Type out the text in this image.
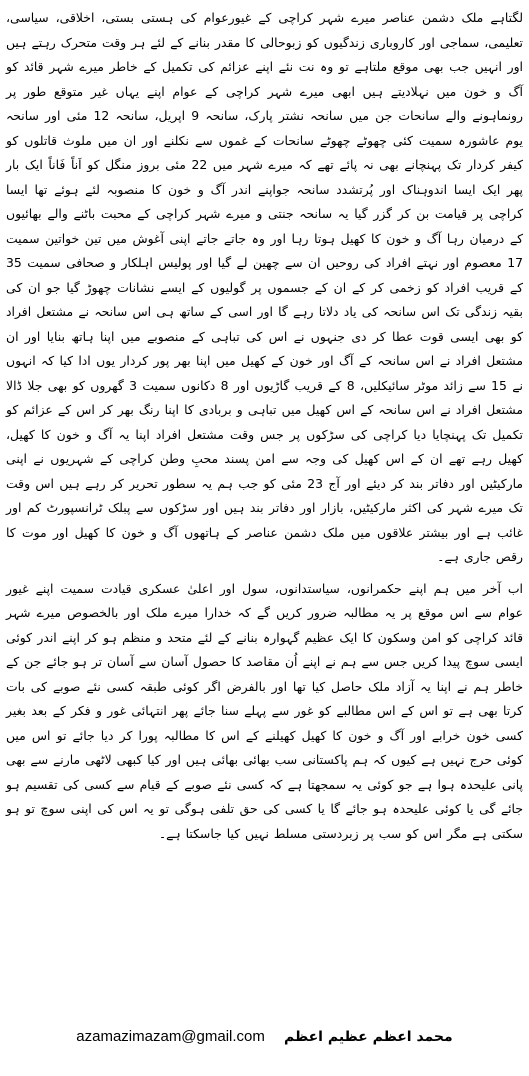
لگتاہے ملک دشمن عناصر میرے شہر کراچی کے غیورعوام کی ہستی بستی، اخلاقی، سیاسی، تعلیمی، سماجی اور کاروباری زندگیوں کو زبوحالی کا مقدر بنانے کے لئے ہر وقت متحرک رہتے ہیں اور انہیں جب بھی موقع ملتاہے تو وہ نت نئے اپنے عزائم کی تکمیل کے خاطر میرے شہر قائد کو آگ و خون میں نہلادیتے ہیں ابھی میرے شہر کراچی کے عوام اپنے یہاں غیر متوقع طور پر رونماہونے والے سانحات جن میں سانحہ نشتر پارک، سانحہ 9 اپریل، سانحہ 12 مئی اور سانحہ یوم عاشورہ سمیت کئی چھوٹے چھوٹے سانحات کے غموں سے نکلنے اور ان میں ملوث قاتلوں کو کیفر کردار تک پہنچانے بھی نہ پائے تھے کہ میرے شہر میں 22 مئی بروز منگل کو اَناً فَاناً ایک بار پھر ایک ایسا اندوہناک اور پُرتشدد سانحہ جواپنے اندر آگ و خون کا منصوبہ لئے ہوئے تھا ایسا کراچی پر قیامت بن کر گزر گیا یہ سانحہ جنتی و میرے شہر کراچی کے محبت باٹنے والے بھائیوں کے درمیان رہا آگ و خون کا کھیل ہوتا رہا اور وہ جاتے جاتے اپنی آغوش میں تین خواتین سمیت 17 معصوم اور نہتے افراد کی روحیں ان سے چھین لے گیا اور پولیس اہلکار و صحافی سمیت 35 کے قریب افراد کو زخمی کر کے ان کے جسموں پر گولیوں کے ایسے نشانات چھوڑ گیا جو ان کی بقیہ زندگی تک اس سانحہ کی یاد دلاتا رہے گا اور اسی کے ساتھ ہی اس سانحہ نے مشتعل افراد کو بھی ایسی قوت عطا کر دی جنہوں نے اس کی تباہی کے منصوبے میں اپنا ہاتھ بنایا اور ان مشتعل افراد نے اس سانحہ کے آگ اور خون کے کھیل میں اپنا بھر پور کردار یوں ادا کیا کہ انہوں نے 15 سے زائد موٹر سائیکلیں، 8 کے قریب گاڑیوں اور 8 دکانوں سمیت 3 گھروں کو بھی جلا ڈالا مشتعل افراد نے اس سانحہ کے اس کھیل میں تباہی و بربادی کا اپنا رنگ بھر کر اس کے عزائم کو تکمیل تک پہنچایا دیا کراچی کی سڑکوں پر جس وقت مشتعل افراد اپنا یہ آگ و خون کا کھیل، کھیل رہے تھے ان کے اس کھیل کی وجہ سے امن پسند محبِ وطن کراچی کے شہریوں نے اپنی مارکیٹیں اور دفاتر بند کر دیئے اور آج 23 مئی کو جب ہم یہ سطور تحریر کر رہے ہیں اس وقت تک میرے شہر کی اکثر مارکیٹیں، بازار اور دفاتر بند ہیں اور سڑکوں سے پبلک ٹرانسپورٹ کم اور غائب ہے اور بیشتر علاقوں میں ملک دشمن عناصر کے ہاتھوں آگ و خون کا کھیل اور موت کا رقص جاری ہے۔

اب آخر میں ہم اپنے حکمرانوں، سیاستدانوں، سول اور اعلیٰ عسکری قیادت سمیت اپنے غیور عوام سے اس موقع پر یہ مطالبہ ضرور کریں گے کہ خدارا میرے ملک اور بالخصوص میرے شہر قائد کراچی کو امن وسکون کا ایک عظیم گہوارہ بنانے کے لئے متحد و منظم ہو کر اپنے اندر کوئی ایسی سوچ پیدا کریں جس سے ہم نے اپنے اُن مقاصد کا حصول آسان سے آسان تر ہو جائے جن کے خاطر ہم نے اپنا یہ آزاد ملک حاصل کیا تھا اور بالفرض اگر کوئی طبقہ کسی نئے صوبے کی بات کرتا بھی ہے تو اس کے اس مطالبے کو غور سے پہلے سنا جائے پھر انتہائی غور و فکر کے بعد بغیر کسی خون خرابے اور آگ و خون کا کھیل کھیلنے کے اس کا مطالبہ پورا کر دیا جائے تو اس میں کوئی حرج نہیں ہے کیوں کہ ہم پاکستانی سب بھائی بھائی ہیں اور کیا کبھی لاٹھی مارنے سے بھی پانی علیحدہ ہوا ہے جو کوئی یہ سمجھتا ہے کہ کسی نئے صوبے کے قیام سے کسی کی تقسیم ہو جائے گی یا کوئی علیحدہ ہو جائے گا یا کسی کی حق تلفی ہوگی تو یہ اس کی اپنی سوچ تو ہو سکتی ہے مگر اس کو سب پر زبردستی مسلط نہیں کیا جاسکتا ہے۔

azamazimazam@gmail.com محمد اعظم عظیم اعظم
